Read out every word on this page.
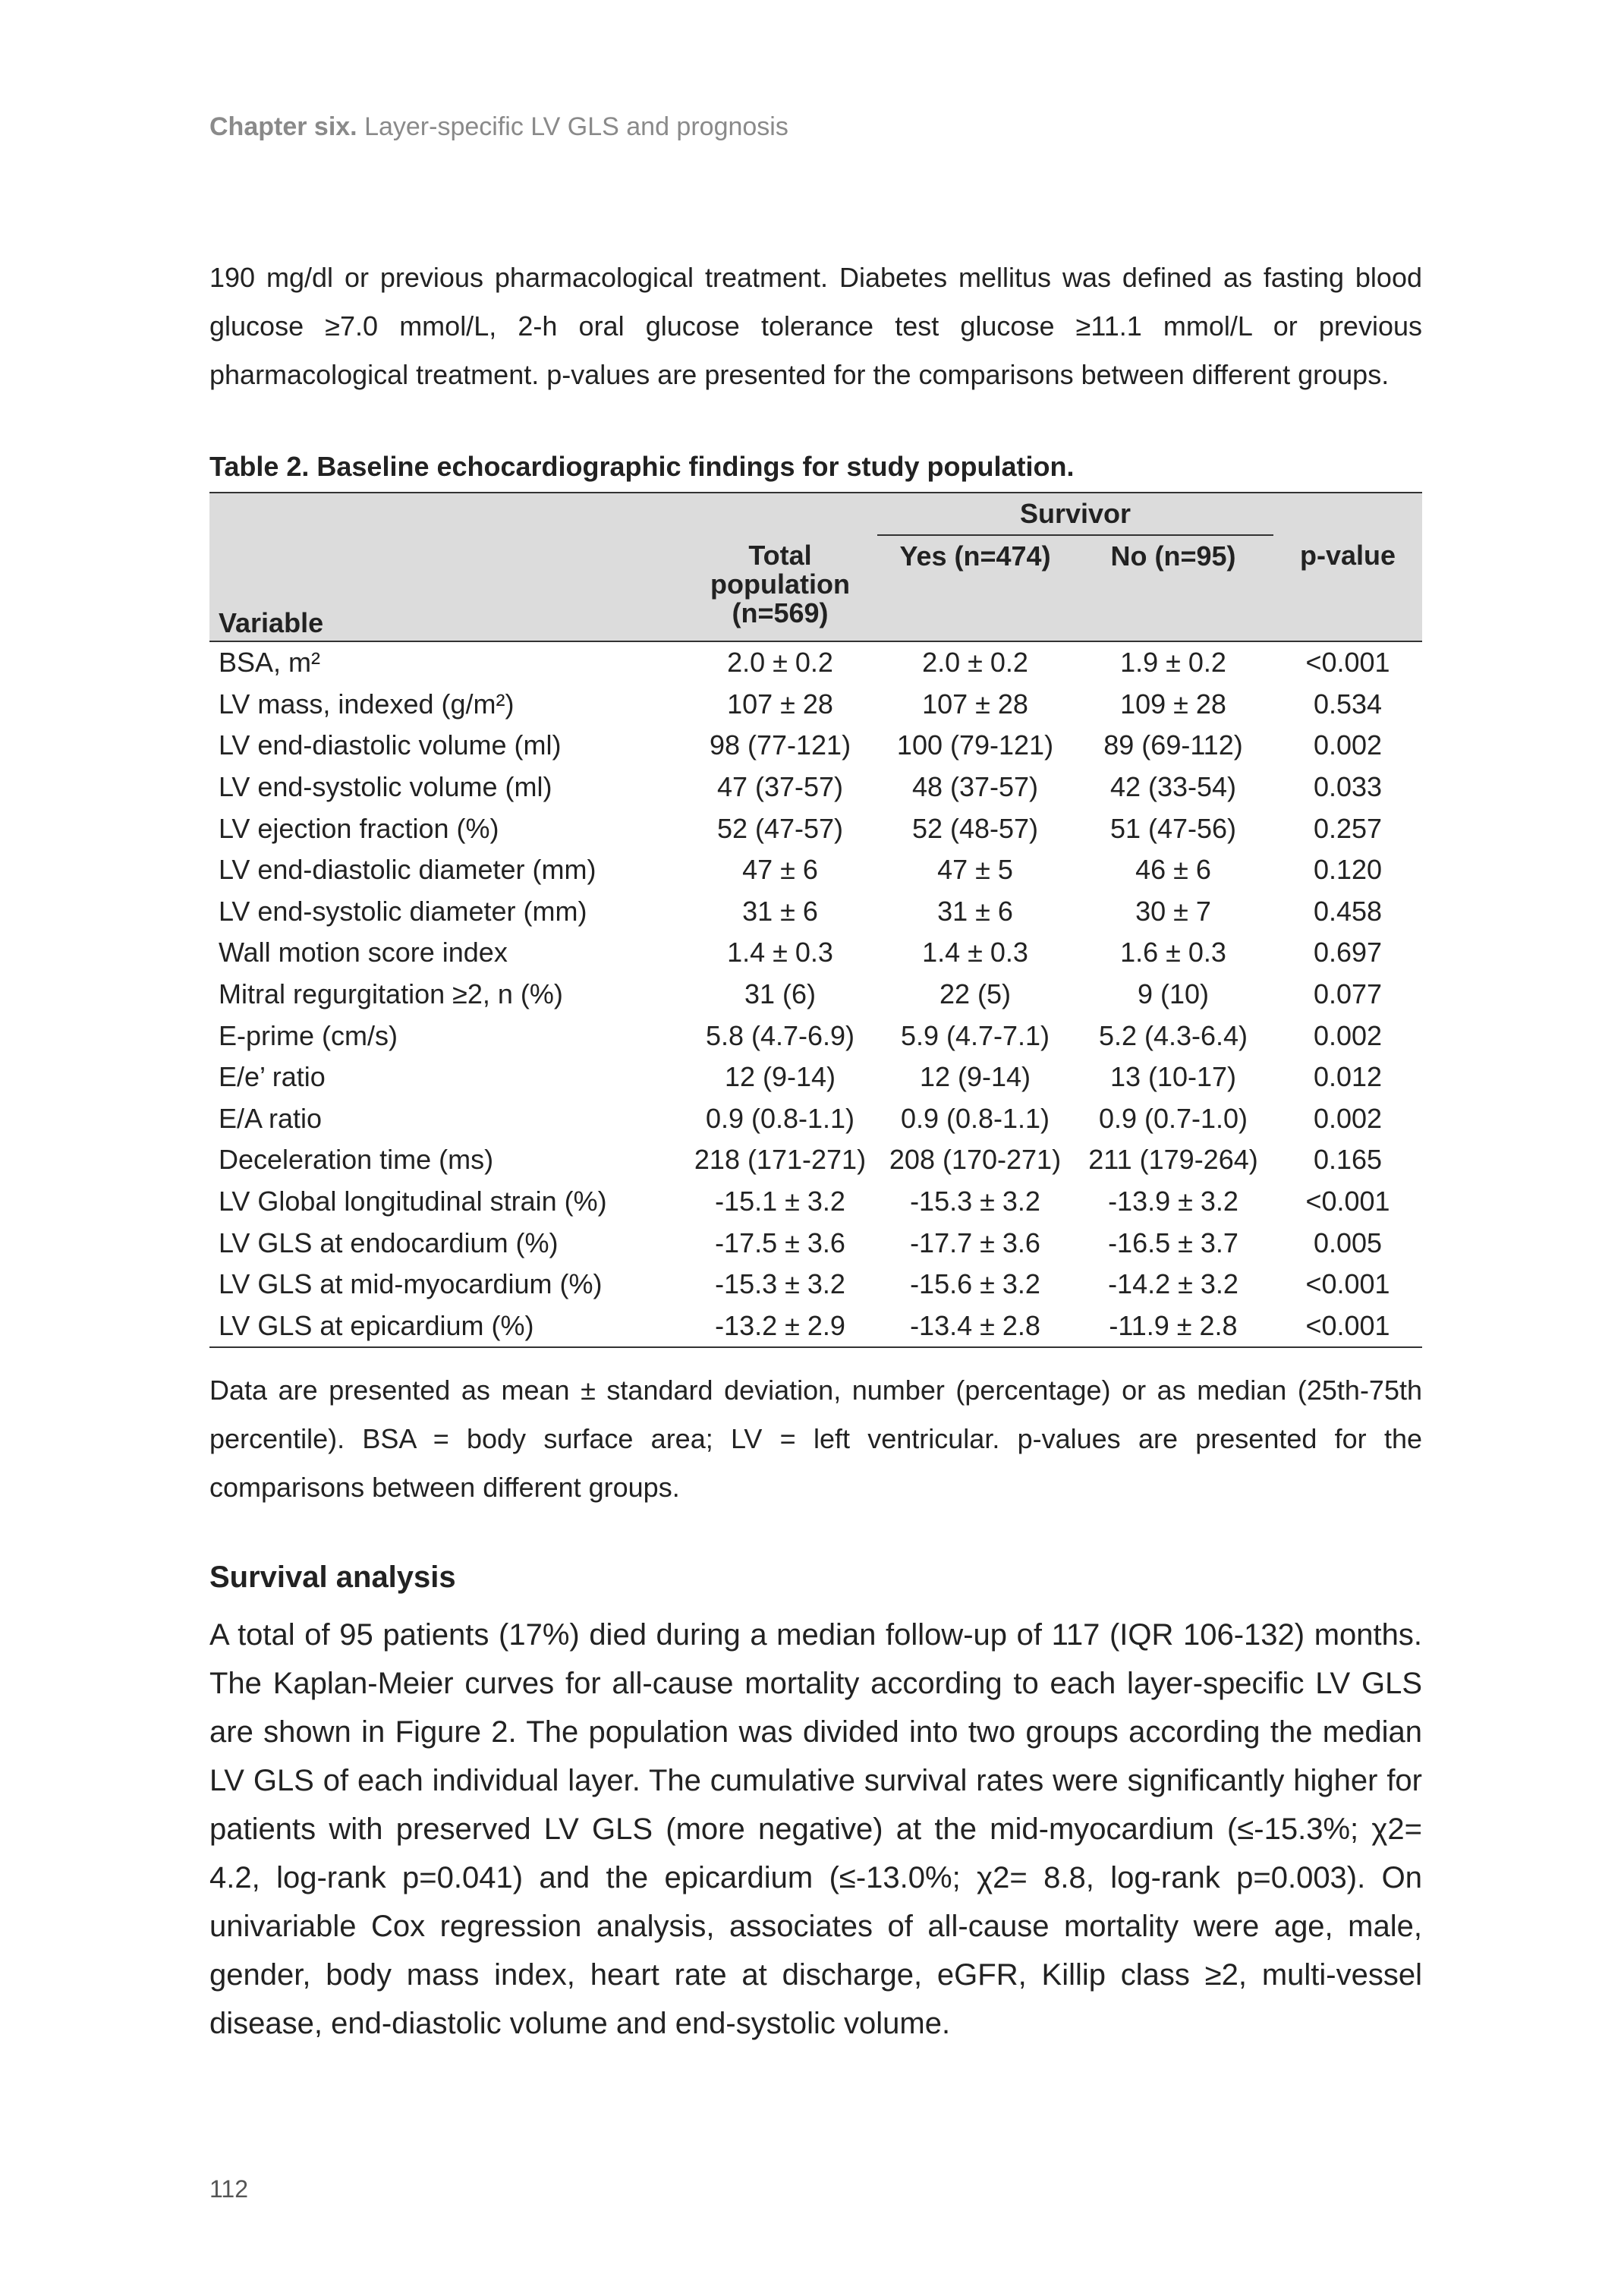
Chapter six. Layer-specific LV GLS and prognosis

190 mg/dl or previous pharmacological treatment. Diabetes mellitus was defined as fasting blood glucose ≥7.0 mmol/L, 2-h oral glucose tolerance test glucose ≥11.1 mmol/L or previous pharmacological treatment. p-values are presented for the comparisons between different groups.

Table 2. Baseline echocardiographic findings for study population.

		Survivor		
Variable	Total population (n=569)	Yes (n=474)	No (n=95)	p-value
BSA, m²	2.0 ± 0.2	2.0 ± 0.2	1.9 ± 0.2	<0.001
LV mass, indexed (g/m²)	107 ± 28	107 ± 28	109 ± 28	0.534
LV end-diastolic volume (ml)	98 (77-121)	100 (79-121)	89 (69-112)	0.002
LV end-systolic volume (ml)	47 (37-57)	48 (37-57)	42 (33-54)	0.033
LV ejection fraction (%)	52 (47-57)	52 (48-57)	51 (47-56)	0.257
LV end-diastolic diameter (mm)	47 ± 6	47 ± 5	46 ± 6	0.120
LV end-systolic diameter (mm)	31 ± 6	31 ± 6	30 ± 7	0.458
Wall motion score index	1.4 ± 0.3	1.4 ± 0.3	1.6 ± 0.3	0.697
Mitral regurgitation ≥2, n (%)	31 (6)	22 (5)	9 (10)	0.077
E-prime (cm/s)	5.8 (4.7-6.9)	5.9 (4.7-7.1)	5.2 (4.3-6.4)	0.002
E/e’ ratio	12 (9-14)	12 (9-14)	13 (10-17)	0.012
E/A ratio	0.9 (0.8-1.1)	0.9 (0.8-1.1)	0.9 (0.7-1.0)	0.002
Deceleration time (ms)	218 (171-271)	208 (170-271)	211 (179-264)	0.165
LV Global longitudinal strain (%)	-15.1 ± 3.2	-15.3 ± 3.2	-13.9 ± 3.2	<0.001
LV GLS at endocardium (%)	-17.5 ± 3.6	-17.7 ± 3.6	-16.5 ± 3.7	0.005
LV GLS at mid-myocardium (%)	-15.3 ± 3.2	-15.6 ± 3.2	-14.2 ± 3.2	<0.001
LV GLS at epicardium (%)	-13.2 ± 2.9	-13.4 ± 2.8	-11.9 ± 2.8	<0.001

Data are presented as mean ± standard deviation, number (percentage) or as median (25th-75th percentile). BSA = body surface area; LV = left ventricular. p-values are presented for the comparisons between different groups.

Survival analysis

A total of 95 patients (17%) died during a median follow-up of 117 (IQR 106-132) months. The Kaplan-Meier curves for all-cause mortality according to each layer-specific LV GLS are shown in Figure 2. The population was divided into two groups according the median LV GLS of each individual layer. The cumulative survival rates were significantly higher for patients with preserved LV GLS (more negative) at the mid-myocardium (≤-15.3%; χ2= 4.2, log-rank p=0.041) and the epicardium (≤-13.0%; χ2= 8.8, log-rank p=0.003). On univariable Cox regression analysis, associates of all-cause mortality were age, male, gender, body mass index, heart rate at discharge, eGFR, Killip class ≥2, multi-vessel disease, end-diastolic volume and end-systolic volume.

112
